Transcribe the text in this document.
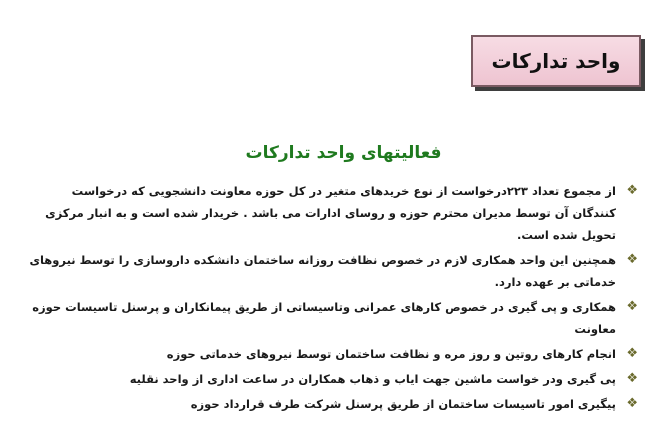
واحد تدارکات
فعالیتهای واحد تدارکات
❖
از مجموع تعداد ۲۲۳درخواست از نوع خریدهای متغیر در کل حوزه معاونت دانشجویی که درخواست کنندگان آن توسط مدیران محترم حوزه و روسای ادارات می باشد . خریدار شده است و به انبار مرکزی تحویل شده است.
❖
همچنین این واحد همکاری لازم در خصوص نظافت روزانه ساختمان دانشکده داروسازی را توسط نیروهای خدماتی بر عهده دارد.
❖
همکاری و پی گیری در خصوص کارهای عمرانی وتاسیساتی از طریق پیمانکاران و پرسنل تاسیسات حوزه معاونت
❖
انجام کارهای روتین و روز مره و نظافت ساختمان توسط نیروهای خدماتی حوزه
❖
پی گیری ودر خواست ماشین جهت ایاب و ذهاب همکاران در ساعت اداری از واحد نقلیه
❖
پیگیری امور تاسیسات ساختمان از طریق پرسنل شرکت طرف قرارداد حوزه
